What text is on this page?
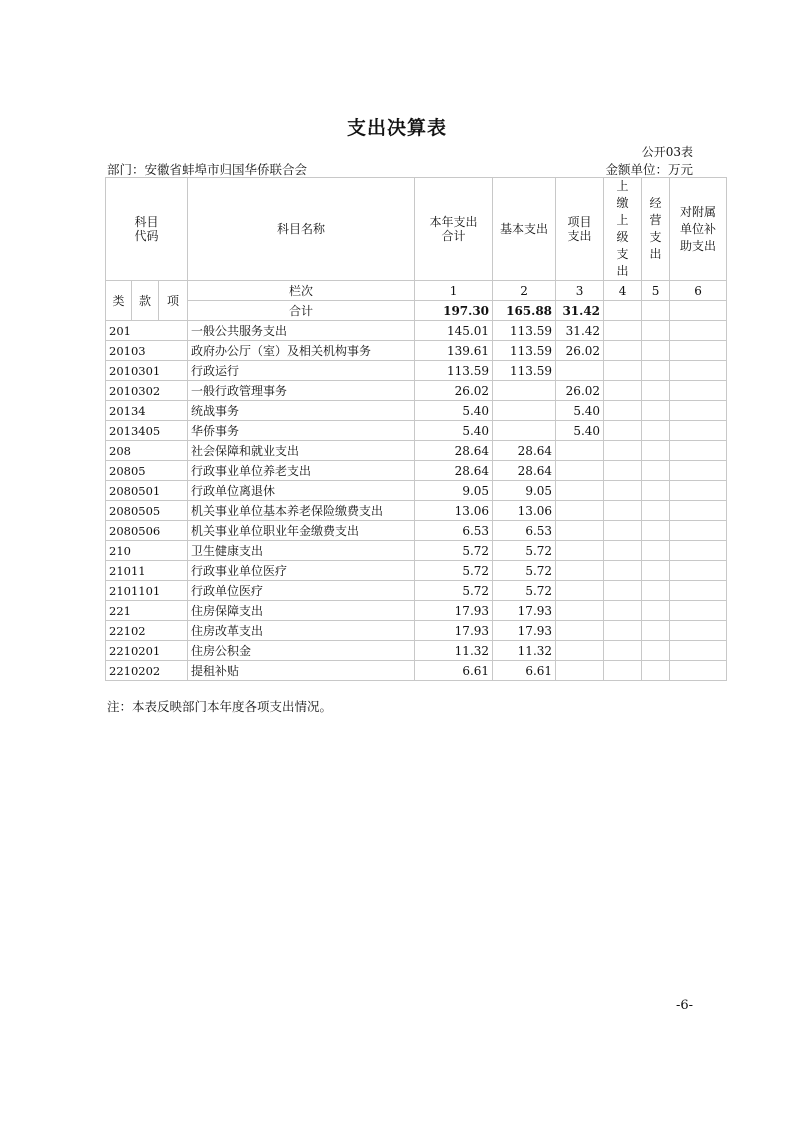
支出决算表
公开03表
部门：安徽省蚌埠市归国华侨联合会	金额单位：万元
科目代码			科目名称	本年支出合计	基本支出	项目支出	上缴上级支出	经营支出	对附属单位补助支出
类	款	项	栏次	1	2	3	4	5	6
			合计	197.30	165.88	31.42			
201			一般公共服务支出	145.01	113.59	31.42			
20103			政府办公厅（室）及相关机构事务	139.61	113.59	26.02			
2010301			行政运行	113.59	113.59				
2010302			一般行政管理事务	26.02		26.02			
20134			统战事务	5.40		5.40			
2013405			华侨事务	5.40		5.40			
208			社会保障和就业支出	28.64	28.64				
20805			行政事业单位养老支出	28.64	28.64				
2080501			行政单位离退休	9.05	9.05				
2080505			机关事业单位基本养老保险缴费支出	13.06	13.06				
2080506			机关事业单位职业年金缴费支出	6.53	6.53				
210			卫生健康支出	5.72	5.72				
21011			行政事业单位医疗	5.72	5.72				
2101101			行政单位医疗	5.72	5.72				
221			住房保障支出	17.93	17.93				
22102			住房改革支出	17.93	17.93				
2210201			住房公积金	11.32	11.32				
2210202			提租补贴	6.61	6.61				
注：本表反映部门本年度各项支出情况。
-6-
